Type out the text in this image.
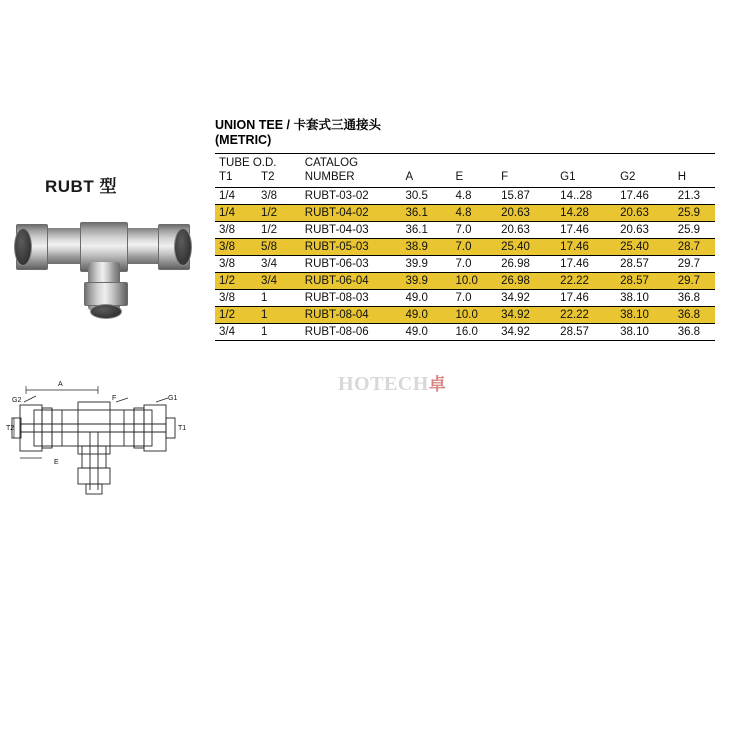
RUBT 型
A
G2
T2
F
E
G1
T1
UNION TEE / 卡套式三通接头
(METRIC)
TUBE O.D.		CATALOG						
T1	T2	NUMBER	A	E	F	G1	G2	H
1/4	3/8	RUBT-03-02	30.5	4.8	15.87	14..28	17.46	21.3
1/4	1/2	RUBT-04-02	36.1	4.8	20.63	14.28	20.63	25.9
3/8	1/2	RUBT-04-03	36.1	7.0	20.63	17.46	20.63	25.9
3/8	5/8	RUBT-05-03	38.9	7.0	25.40	17.46	25.40	28.7
3/8	3/4	RUBT-06-03	39.9	7.0	26.98	17.46	28.57	29.7
1/2	3/4	RUBT-06-04	39.9	10.0	26.98	22.22	28.57	29.7
3/8	1	RUBT-08-03	49.0	7.0	34.92	17.46	38.10	36.8
1/2	1	RUBT-08-04	49.0	10.0	34.92	22.22	38.10	36.8
3/4	1	RUBT-08-06	49.0	16.0	34.92	28.57	38.10	36.8
HOTECH卓
